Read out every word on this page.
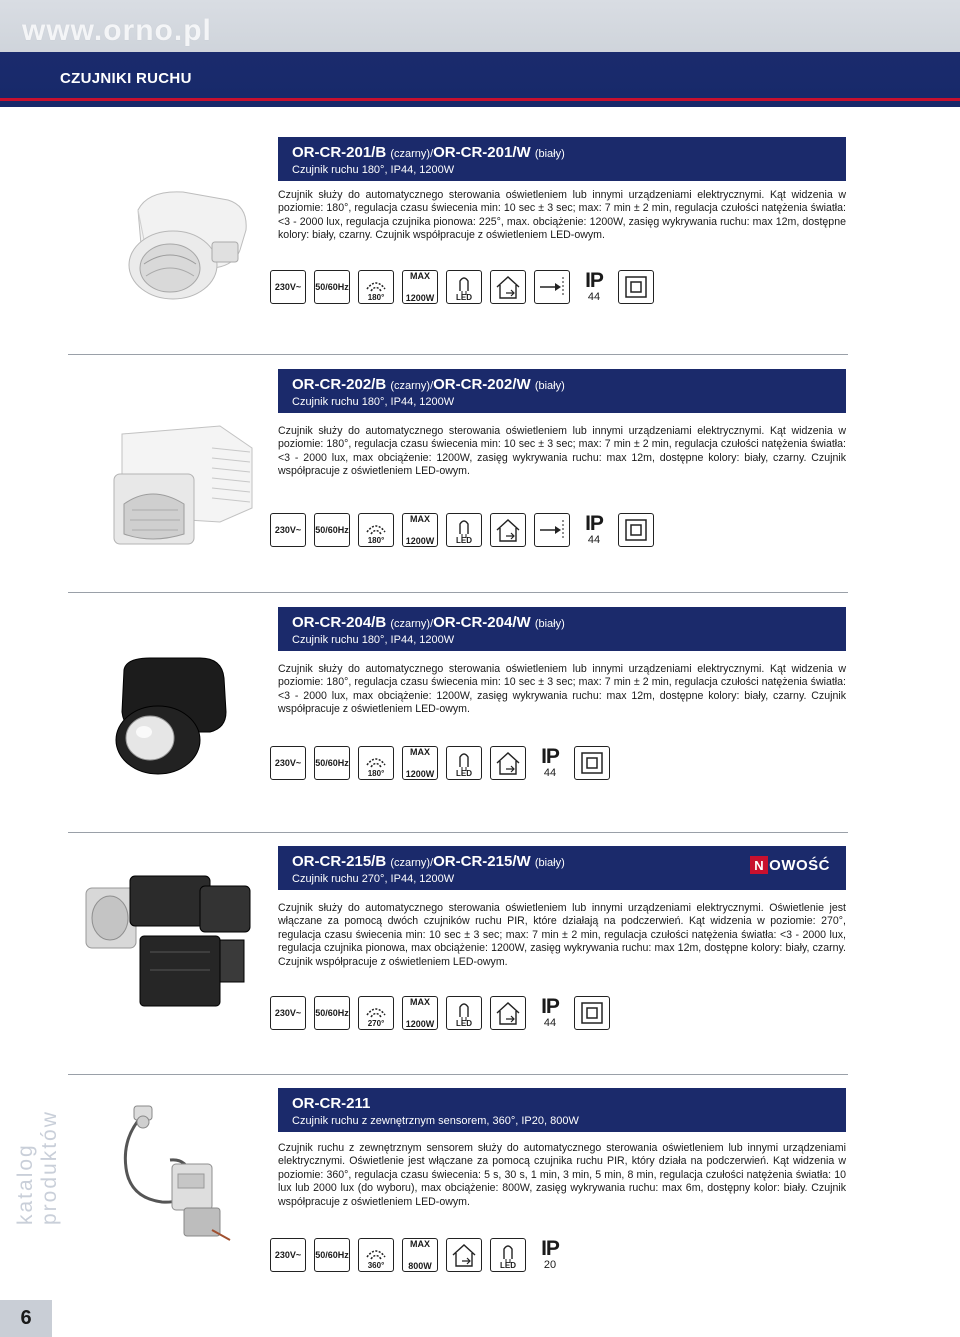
www.orno.pl
CZUJNIKI RUCHU
katalog produktów
6
OR-CR-201/B (czarny)/OR-CR-201/W (biały)
Czujnik ruchu 180°, IP44, 1200W
Czujnik służy do automatycznego sterowania oświetleniem lub innymi urządzeniami elektrycznymi. Kąt widzenia w poziomie: 180°, regulacja czasu świecenia min: 10 sec ± 3 sec; max: 7 min ± 2 min, regulacja czułości natężenia światła: <3 - 2000 lux, regulacja czujnika pionowa: 225°, max. obciążenie: 1200W, zasięg wykrywania ruchu: max 12m, dostępne kolory: biały, czarny. Czujnik współpracuje z oświetleniem LED-owym.
230V~ 50/60Hz
180°
MAX

1200W	LED
IP
44
OR-CR-202/B (czarny)/OR-CR-202/W (biały)
Czujnik ruchu 180°, IP44, 1200W
Czujnik służy do automatycznego sterowania oświetleniem lub innymi urządzeniami elektrycznymi. Kąt widzenia w poziomie: 180°, regulacja czasu świecenia min: 10 sec ± 3 sec; max: 7 min ± 2 min, regulacja czułości natężenia światła: <3 - 2000 lux, max obciążenie: 1200W, zasięg wykrywania ruchu: max 12m, dostępne kolory: biały, czarny. Czujnik współpracuje z oświetleniem LED-owym.
230V~ 50/60Hz
180°
MAX

1200W	LED
IP
44
OR-CR-204/B (czarny)/OR-CR-204/W (biały)
Czujnik ruchu 180°, IP44, 1200W
Czujnik służy do automatycznego sterowania oświetleniem lub innymi urządzeniami elektrycznymi. Kąt widzenia w poziomie: 180°, regulacja czasu świecenia min: 10 sec ± 3 sec; max: 7 min ± 2 min, regulacja czułości natężenia światła: <3 - 2000 lux, max obciążenie: 1200W, zasięg wykrywania ruchu: max 12m, dostępne kolory: biały, czarny. Czujnik współpracuje z oświetleniem LED-owym.
230V~ 50/60Hz
180°
MAX

1200W	LED
IP
44
OR-CR-215/B (czarny)/OR-CR-215/W (biały)
Czujnik ruchu 270°, IP44, 1200W
N OWOŚĆ
Czujnik służy do automatycznego sterowania oświetleniem lub innymi urządzeniami elektrycznymi. Oświetlenie jest włączane za pomocą dwóch czujników ruchu PIR, które działają na podczerwień. Kąt widzenia w poziomie: 270°, regulacja czasu świecenia min: 10 sec ± 3 sec; max: 7 min ± 2 min, regulacja czułości natężenia światła: <3 - 2000 lux, regulacja czujnika pionowa, max obciążenie: 1200W, zasięg wykrywania ruchu: max 12m, dostępne kolory: biały, czarny. Czujnik współpracuje z oświetleniem LED-owym.
230V~ 50/60Hz
270°
MAX

1200W	LED
IP
44
OR-CR-211
Czujnik ruchu z zewnętrznym sensorem, 360°, IP20, 800W
Czujnik ruchu z zewnętrznym sensorem służy do automatycznego sterowania oświetleniem lub innymi urządzeniami elektrycznymi. Oświetlenie jest włączane za pomocą czujnika ruchu PIR, który działa na podczerwień. Kąt widzenia w poziomie: 360°, regulacja czasu świecenia: 5 s, 30 s, 1 min, 3 min, 5 min, 8 min, regulacja czułości natężenia światła: 10 lux lub 2000 lux (do wyboru), max obciążenie: 800W, zasięg wykrywania ruchu: max 6m, dostępny kolor: biały. Czujnik współpracuje z oświetleniem LED-owym.
230V~ 50/60Hz
360°
MAX

800W	LED
IP
20
